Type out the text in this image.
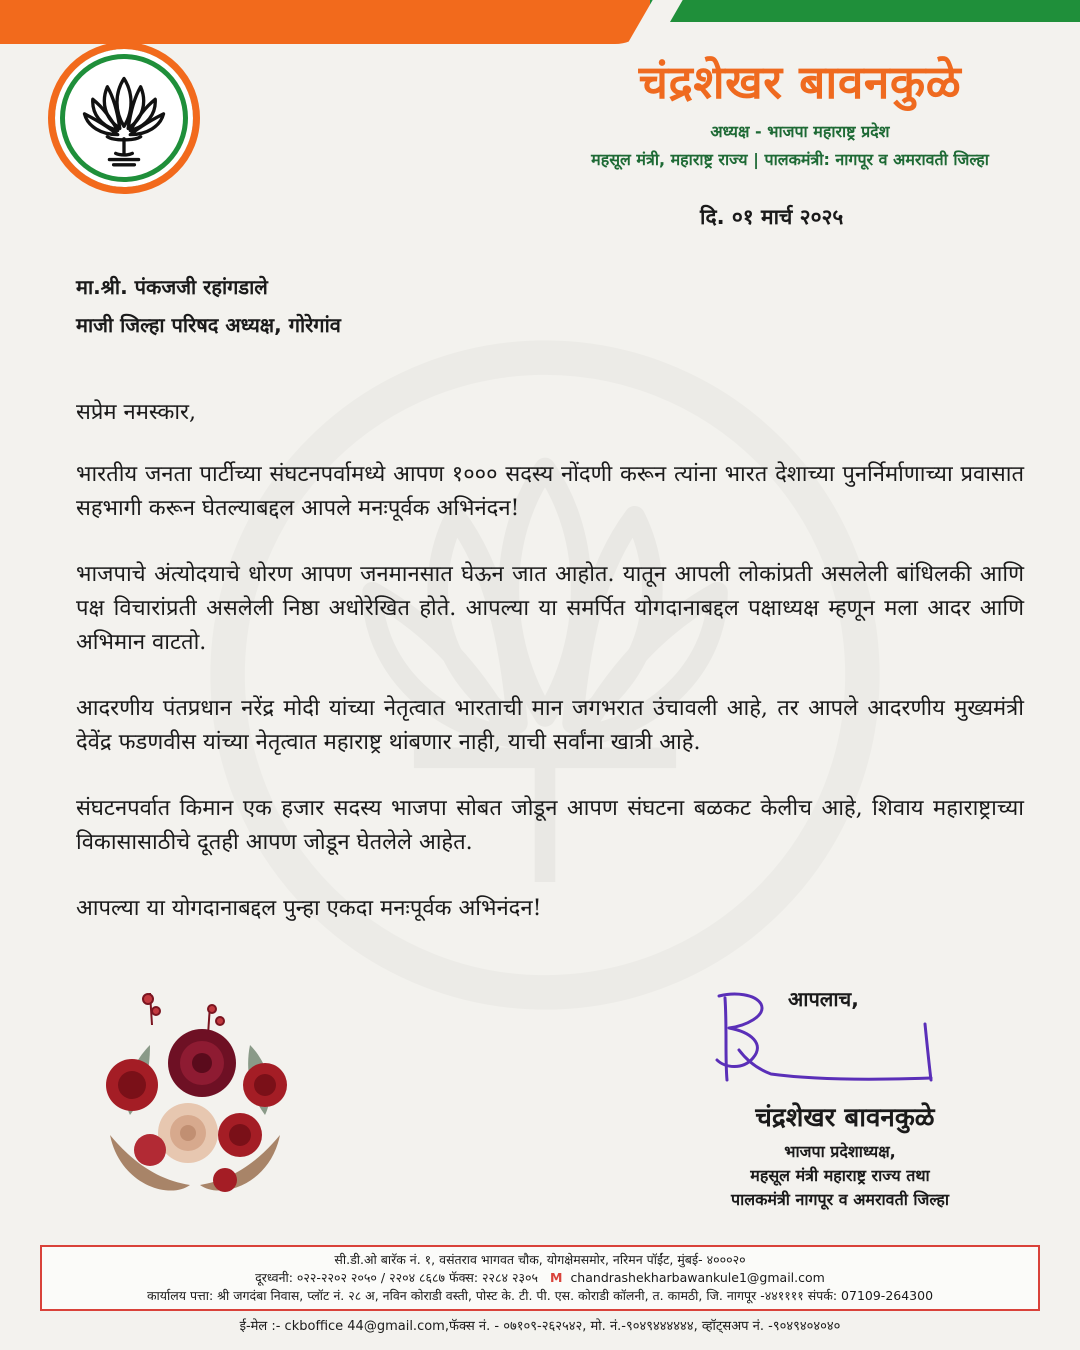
चंद्रशेखर बावनकुळे
अध्यक्ष - भाजपा महाराष्ट्र प्रदेश
महसूल मंत्री, महाराष्ट्र राज्य | पालकमंत्री: नागपूर व अमरावती जिल्हा
दि. ०१ मार्च २०२५
मा.श्री. पंकजजी रहांगडाले
माजी जिल्हा परिषद अध्यक्ष, गोरेगांव
सप्रेम नमस्कार,

भारतीय जनता पार्टीच्या संघटनपर्वामध्ये आपण १००० सदस्य नोंदणी करून त्यांना भारत देशाच्या पुनर्निर्माणाच्या प्रवासात सहभागी करून घेतल्याबद्दल आपले मनःपूर्वक अभिनंदन!

भाजपाचे अंत्योदयाचे धोरण आपण जनमानसात घेऊन जात आहोत. यातून आपली लोकांप्रती असलेली बांधिलकी आणि पक्ष विचारांप्रती असलेली निष्ठा अधोरेखित होते. आपल्या या समर्पित योगदानाबद्दल पक्षाध्यक्ष म्हणून मला आदर आणि अभिमान वाटतो.

आदरणीय पंतप्रधान नरेंद्र मोदी यांच्या नेतृत्वात भारताची मान जगभरात उंचावली आहे, तर आपले आदरणीय मुख्यमंत्री देवेंद्र फडणवीस यांच्या नेतृत्वात महाराष्ट्र थांबणार नाही, याची सर्वांना खात्री आहे.

संघटनपर्वात किमान एक हजार सदस्य भाजपा सोबत जोडून आपण संघटना बळकट केलीच आहे, शिवाय महाराष्ट्राच्या विकासासाठीचे दूतही आपण जोडून घेतलेले आहेत.

आपल्या या योगदानाबद्दल पुन्हा एकदा मनःपूर्वक अभिनंदन!

आपलाच,
चंद्रशेखर बावनकुळे
भाजपा प्रदेशाध्यक्ष,
महसूल मंत्री महाराष्ट्र राज्य तथा
पालकमंत्री नागपूर व अमरावती जिल्हा
सी.डी.ओ बारॅक नं. १, वसंतराव भागवत चौक, योगक्षेमसमोर, नरिमन पॉईंट, मुंबई- ४०००२०
दूरध्वनी: ०२२-२२०२ २०५० / २२०४ ८६८७ फॅक्स: २२८४ २३०५ M chandrashekharbawankule1@gmail.com
कार्यालय पत्ता: श्री जगदंबा निवास, प्लॉट नं. २८ अ, नविन कोराडी वस्ती, पोस्ट के. टी. पी. एस. कोराडी कॉलनी, त. कामठी, जि. नागपूर -४४११११ संपर्क: 07109-264300
ई-मेल :- ckboffice 44@gmail.com,फॅक्स नं. - ०७१०९-२६२५४२, मो. नं.-९०४९४४४४४४, व्हॉट्सअप नं. -९०४९४०४०४०
